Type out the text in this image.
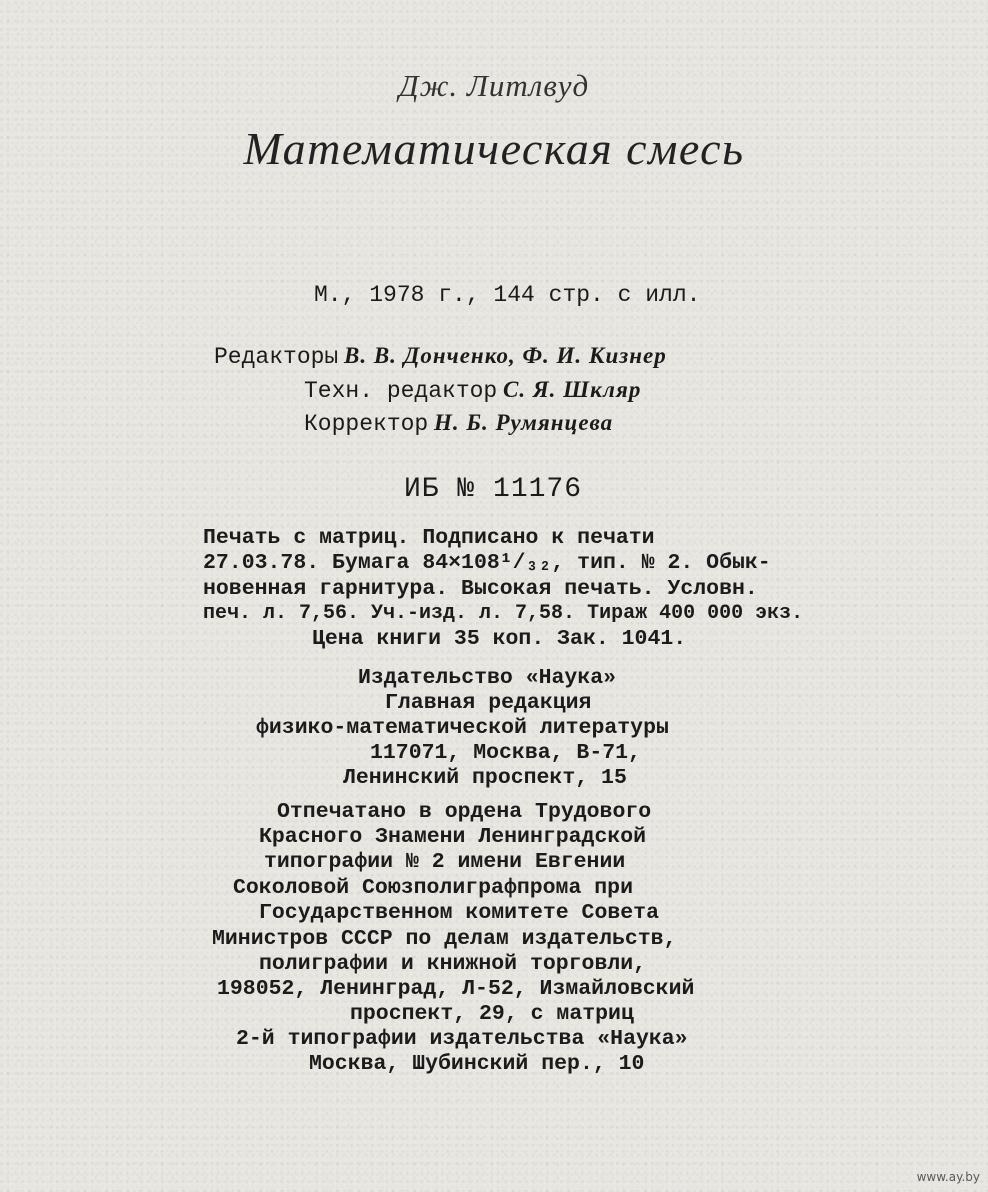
Дж. Литлвуд
Математическая смесь
М., 1978 г., 144 стр. с илл.
Редакторы В. В. Донченко, Ф. И. Кизнер
Техн. редактор С. Я. Шкляр
Корректор Н. Б. Румянцева
ИБ № 11176
Печать с матриц. Подписано к печати
27.03.78. Бумага 84×108¹/₃₂, тип. № 2. Обык-
новенная гарнитура. Высокая печать. Условн.
печ. л. 7,56. Уч.-изд. л. 7,58. Тираж 400 000 экз.
Цена книги 35 коп. Зак. 1041.
Издательство «Наука»
Главная редакция
физико-математической литературы
117071, Москва, В-71,
Ленинский проспект, 15
Отпечатано в ордена Трудового
Красного Знамени Ленинградской
типографии № 2 имени Евгении
Соколовой Союзполиграфпрома при
Государственном комитете Совета
Министров СССР по делам издательств,
полиграфии и книжной торговли,
198052, Ленинград, Л-52, Измайловский
проспект, 29, с матриц
2-й типографии издательства «Наука»
Москва, Шубинский пер., 10
www.ay.by
